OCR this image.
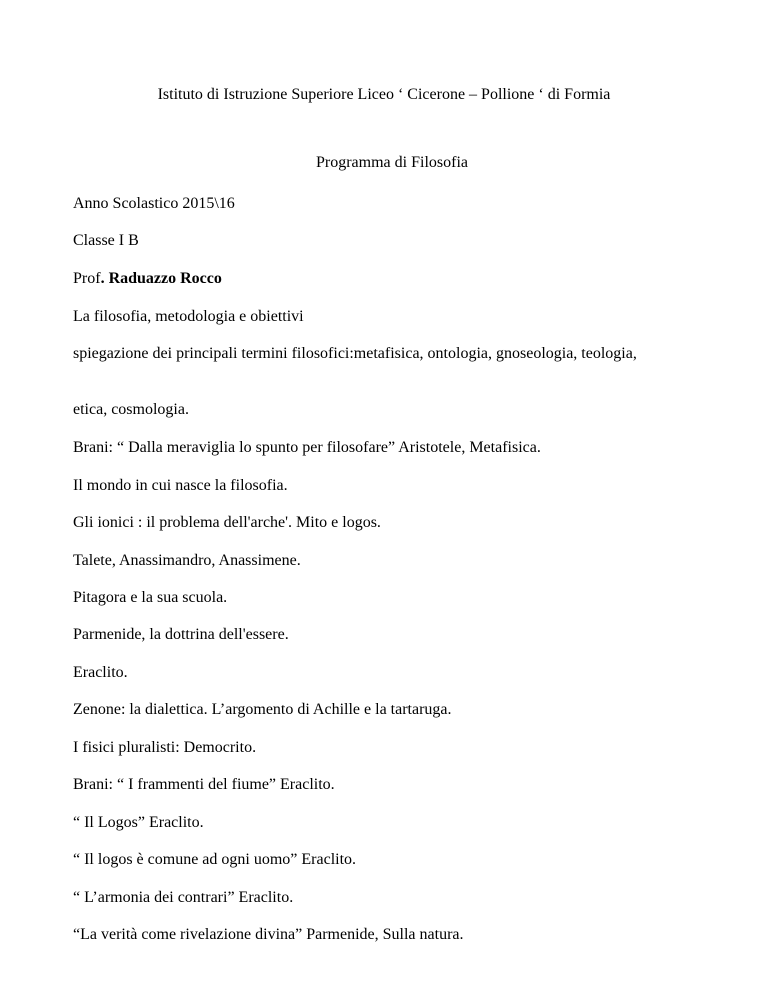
Istituto di Istruzione Superiore Liceo ‘ Cicerone – Pollione ‘ di Formia
Programma di Filosofia
Anno Scolastico 2015\16
Classe I B
Prof. Raduazzo Rocco
La filosofia, metodologia e obiettivi
spiegazione dei principali termini filosofici:metafisica, ontologia, gnoseologia, teologia,
etica, cosmologia.
Brani: “ Dalla meraviglia lo spunto per filosofare” Aristotele, Metafisica.
Il mondo in cui nasce la filosofia.
Gli ionici : il problema dell'arche'. Mito e logos.
Talete, Anassimandro, Anassimene.
Pitagora e la sua scuola.
Parmenide, la dottrina dell'essere.
Eraclito.
Zenone: la dialettica. L’argomento di Achille e la tartaruga.
I fisici pluralisti: Democrito.
Brani: “ I frammenti del fiume” Eraclito.
“ Il Logos” Eraclito.
“ Il logos è comune ad ogni uomo” Eraclito.
“ L’armonia dei contrari” Eraclito.
“La verità come rivelazione divina” Parmenide, Sulla natura.
